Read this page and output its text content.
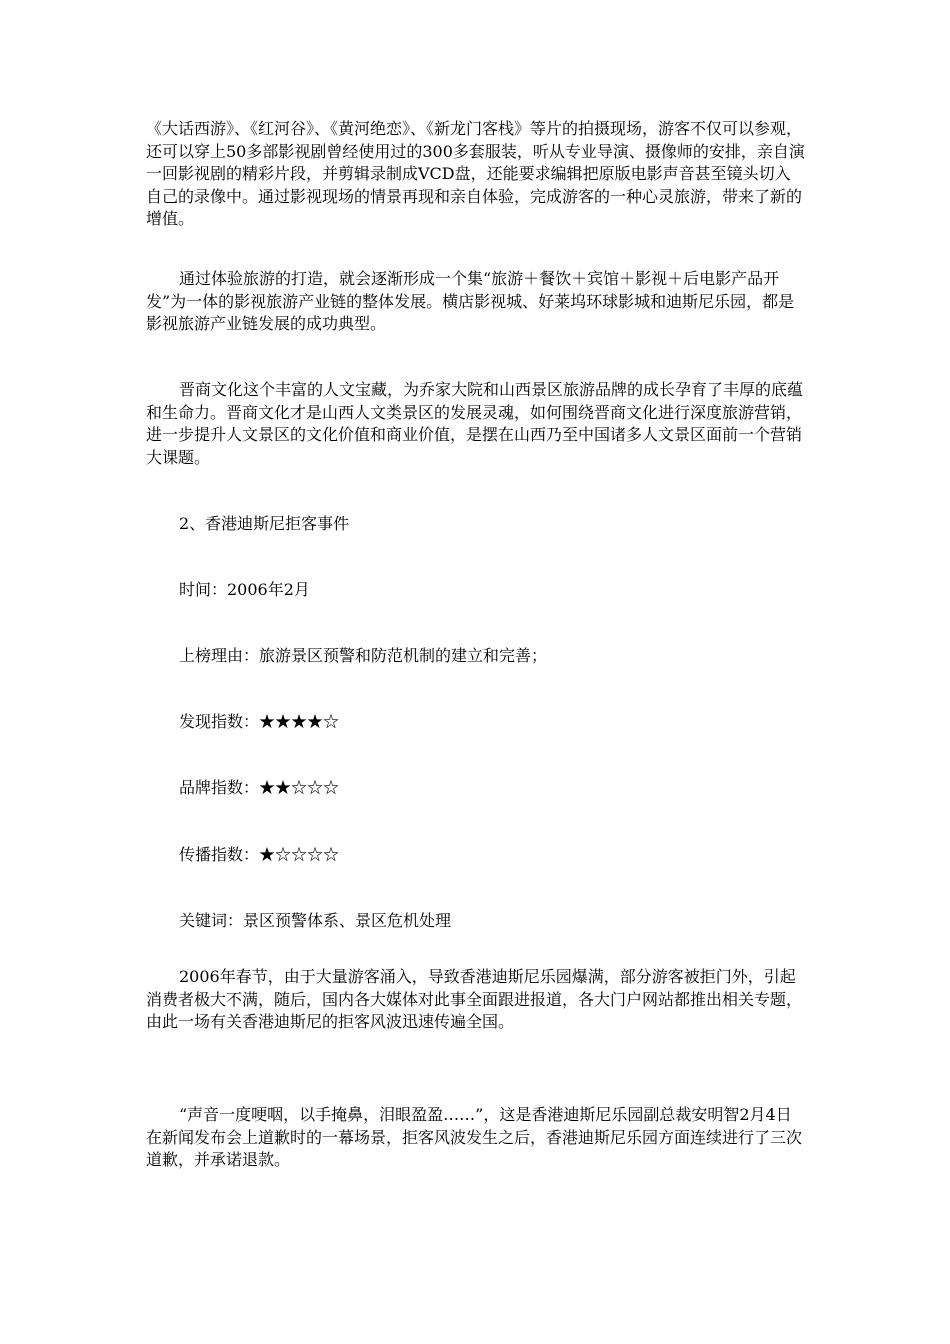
《大话西游》、《红河谷》、《黄河绝恋》、《新龙门客栈》等片的拍摄现场，游客不仅可以参观，还可以穿上50多部影视剧曾经使用过的300多套服装，听从专业导演、摄像师的安排，亲自演一回影视剧的精彩片段，并剪辑录制成VCD盘，还能要求编辑把原版电影声音甚至镜头切入自己的录像中。通过影视现场的情景再现和亲自体验，完成游客的一种心灵旅游，带来了新的增值。

通过体验旅游的打造，就会逐渐形成一个集“旅游＋餐饮＋宾馆＋影视＋后电影产品开发”为一体的影视旅游产业链的整体发展。横店影视城、好莱坞环球影城和迪斯尼乐园，都是影视旅游产业链发展的成功典型。

晋商文化这个丰富的人文宝藏，为乔家大院和山西景区旅游品牌的成长孕育了丰厚的底蕴和生命力。晋商文化才是山西人文类景区的发展灵魂，如何围绕晋商文化进行深度旅游营销，进一步提升人文景区的文化价值和商业价值，是摆在山西乃至中国诸多人文景区面前一个营销大课题。

2、香港迪斯尼拒客事件

时间：2006年2月

上榜理由：旅游景区预警和防范机制的建立和完善；

发现指数：★★★★☆

品牌指数：★★☆☆☆

传播指数：★☆☆☆☆

关键词：景区预警体系、景区危机处理

2006年春节，由于大量游客涌入，导致香港迪斯尼乐园爆满，部分游客被拒门外，引起消费者极大不满，随后，国内各大媒体对此事全面跟进报道，各大门户网站都推出相关专题，由此一场有关香港迪斯尼的拒客风波迅速传遍全国。

“声音一度哽咽，以手掩鼻，泪眼盈盈……”，这是香港迪斯尼乐园副总裁安明智2月4日在新闻发布会上道歉时的一幕场景，拒客风波发生之后，香港迪斯尼乐园方面连续进行了三次道歉，并承诺退款。
